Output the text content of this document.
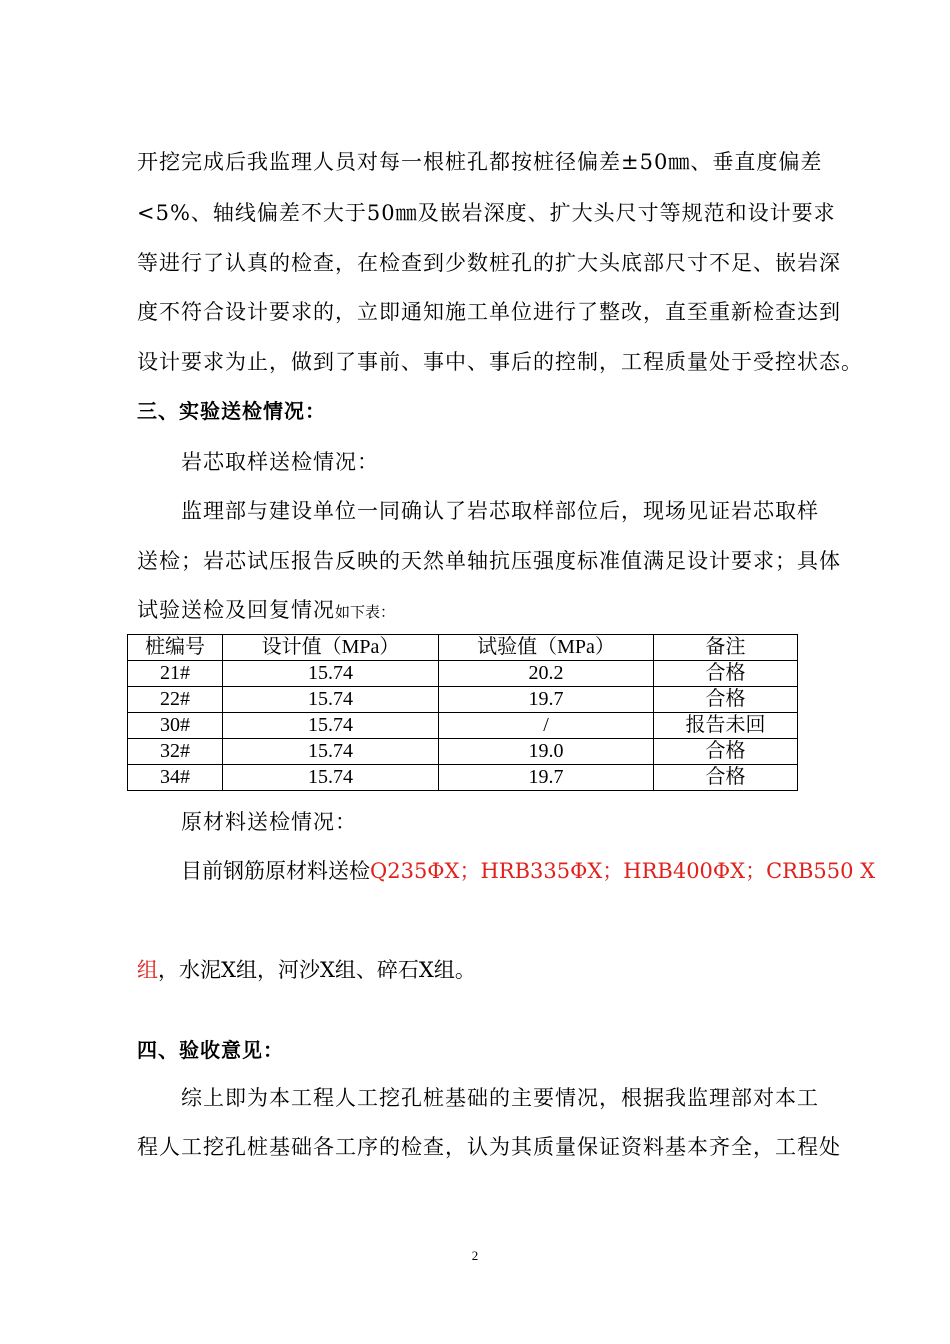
开挖完成后我监理人员对每一根桩孔都按桩径偏差±50㎜、垂直度偏差

<5%、轴线偏差不大于50㎜及嵌岩深度、扩大头尺寸等规范和设计要求

等进行了认真的检查，在检查到少数桩孔的扩大头底部尺寸不足、嵌岩深

度不符合设计要求的，立即通知施工单位进行了整改，直至重新检查达到

设计要求为止，做到了事前、事中、事后的控制，工程质量处于受控状态。

三、实验送检情况：

岩芯取样送检情况：

监理部与建设单位一同确认了岩芯取样部位后，现场见证岩芯取样

送检；岩芯试压报告反映的天然单轴抗压强度标准值满足设计要求；具体

试验送检及回复情况如下表：

桩编号	设计值（MPa）	试验值（MPa）	备注
21#	15.74	20.2	合格
22#	15.74	19.7	合格
30#	15.74	/	报告未回
32#	15.74	19.0	合格
34#	15.74	19.7	合格

原材料送检情况：

目前钢筋原材料送检Q235ΦX；HRB335ΦX；HRB400ΦX；CRB550 X

组，水泥X组，河沙X组、碎石X组。

四、验收意见：

综上即为本工程人工挖孔桩基础的主要情况，根据我监理部对本工

程人工挖孔桩基础各工序的检查，认为其质量保证资料基本齐全，工程处

2
